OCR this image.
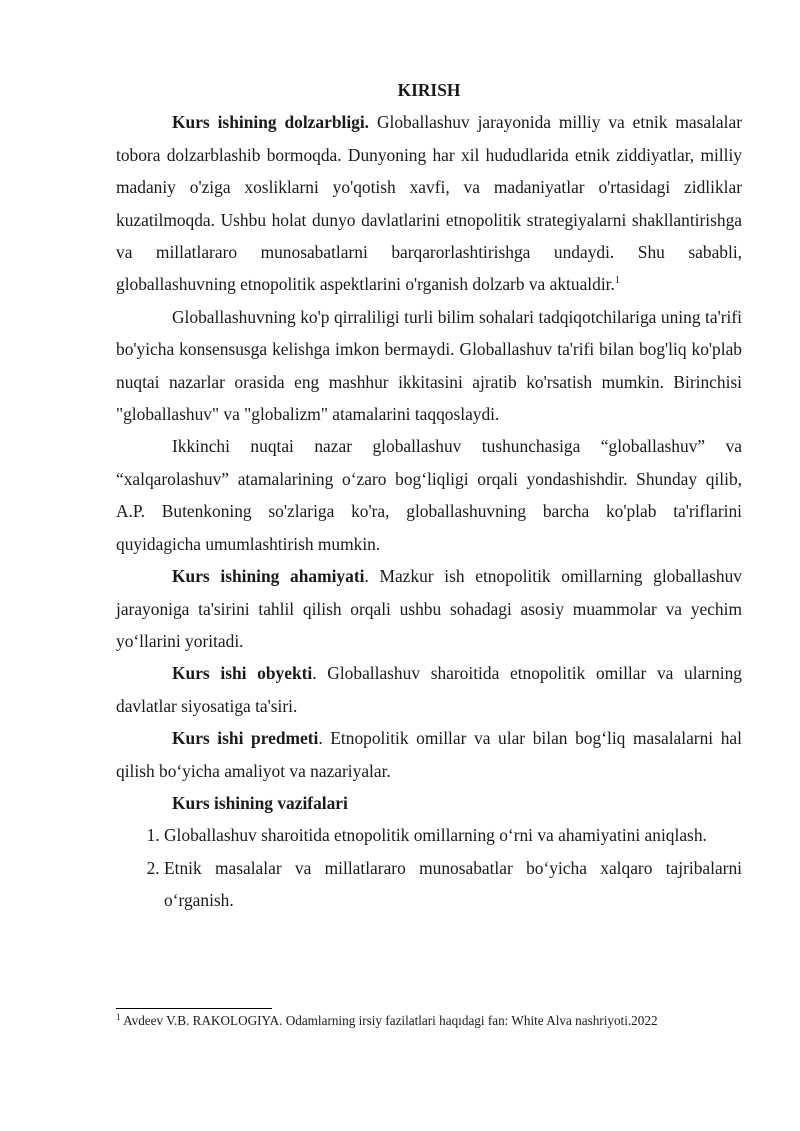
KIRISH

Kurs ishining dolzarbligi. Globallashuv jarayonida milliy va etnik masalalar tobora dolzarblashib bormoqda. Dunyoning har xil hududlarida etnik ziddiyatlar, milliy madaniy o'ziga xosliklarni yo'qotish xavfi, va madaniyatlar o'rtasidagi zidliklar kuzatilmoqda. Ushbu holat dunyo davlatlarini etnopolitik strategiyalarni shakllantirishga va millatlararo munosabatlarni barqarorlashtirishga undaydi. Shu sababli, globallashuvning etnopolitik aspektlarini o'rganish dolzarb va aktualdir.$^1$

Globallashuvning ko'p qirraliligi turli bilim sohalari tadqiqotchilariga uning ta'rifi bo'yicha konsensusga kelishga imkon bermaydi. Globallashuv ta'rifi bilan bog'liq ko'plab nuqtai nazarlar orasida eng mashhur ikkitasini ajratib ko'rsatish mumkin. Birinchisi "globallashuv" va "globalizm" atamalarini taqqoslaydi.

Ikkinchi nuqtai nazar globallashuv tushunchasiga “globallashuv” va “xalqarolashuv” atamalarining o‘zaro bog‘liqligi orqali yondashishdir. Shunday qilib, A.P. Butenkoning so'zlariga ko'ra, globallashuvning barcha ko'plab ta'riflarini quyidagicha umumlashtirish mumkin.

Kurs ishining ahamiyati. Mazkur ish etnopolitik omillarning globallashuv jarayoniga ta'sirini tahlil qilish orqali ushbu sohadagi asosiy muammolar va yechim yo‘llarini yoritadi.

Kurs ishi obyekti. Globallashuv sharoitida etnopolitik omillar va ularning davlatlar siyosatiga ta'siri.

Kurs ishi predmeti. Etnopolitik omillar va ular bilan bog‘liq masalalarni hal qilish bo‘yicha amaliyot va nazariyalar.

Kurs ishining vazifalari
1. Globallashuv sharoitida etnopolitik omillarning o‘rni va ahamiyatini aniqlash.
2. Etnik masalalar va millatlararo munosabatlar bo‘yicha xalqaro tajribalarni o‘rganish.
$^1$ Avdeev V.B. RAKOLOGIYA. Odamlarning irsiy fazilatlari haqıdagi fan: White Alva nashriyoti.2022
